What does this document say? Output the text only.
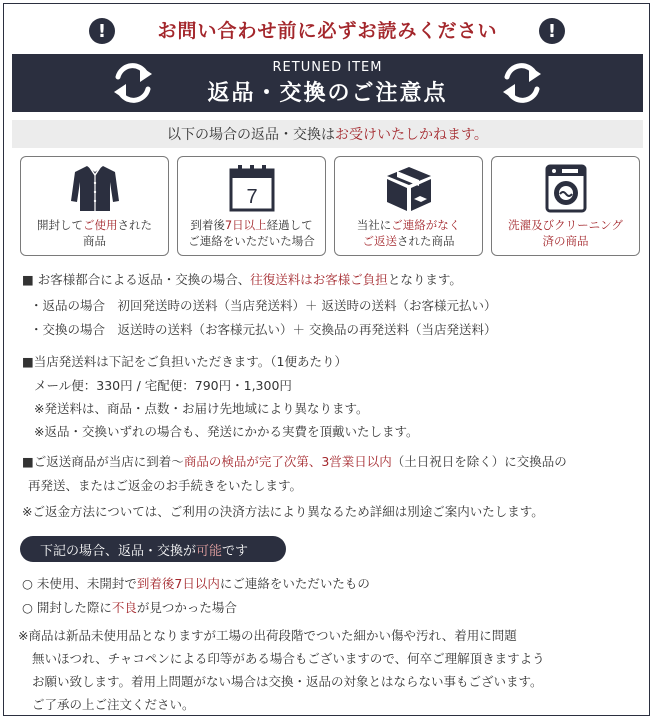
!	お問い合わせ前に必ずお読みください	!
RETUNED ITEM
返品・交換のご注意点
以下の場合の返品・交換は お受けいたしかねます。
開封してご使用された
商品
7
到着後7日以上経過して
ご連絡をいただいた場合
当社にご連絡がなく
ご返送された商品
洗濯及びクリーニング
済の商品
■ お客様都合による返品・交換の場合、往復送料はお客様ご負担となります。
・返品の場合　初回発送時の送料（当店発送料）＋ 返送時の送料（お客様元払い）
・交換の場合　返送時の送料（お客様元払い）＋ 交換品の再発送料（当店発送料）
■当店発送料は下記をご負担いただきます。（1便あたり）
メール便：330円 / 宅配便：790円・1,300円
※発送料は、商品・点数・お届け先地域により異なります。
※返品・交換いずれの場合も、発送にかかる実費を頂戴いたします。
■ご返送商品が当店に到着～商品の検品が完了次第、3営業日以内（土日祝日を除く）に交換品の
再発送、またはご返金のお手続きをいたします。
※ご返金方法については、ご利用の決済方法により異なるため詳細は別途ご案内いたします。
下記の場合、返品・交換が 可能 です
○ 未使用、未開封で到着後7日以内にご連絡をいただいたもの
○ 開封した際に不良が見つかった場合
※商品は新品未使用品となりますが工場の出荷段階でついた細かい傷や汚れ、着用に問題
無いほつれ、チャコペンによる印等がある場合もございますので、何卒ご理解頂きますよう
お願い致します。着用上問題がない場合は交換・返品の対象とはならない事もございます。
ご了承の上ご注文ください。
